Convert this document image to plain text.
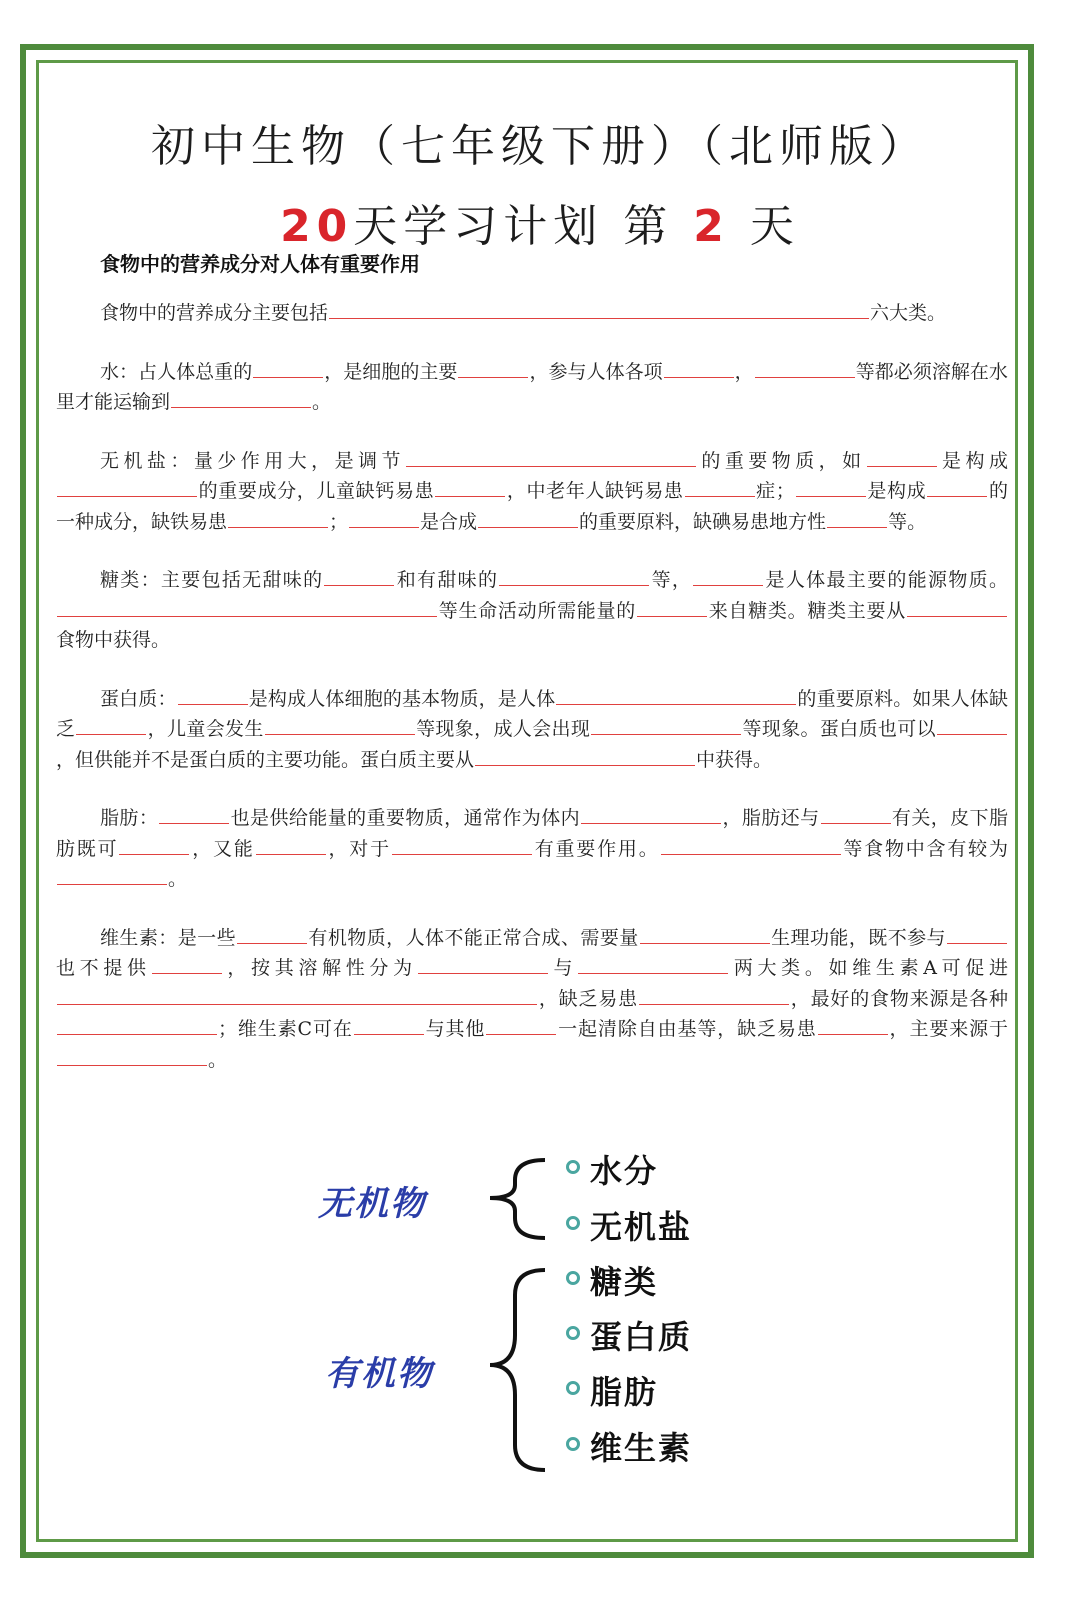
初中生物（七年级下册）（北师版）
20天学习计划 第 2 天
食物中的营养成分对人体有重要作用

食物中的营养成分主要包括	六大类。

水：占人体总重的	，是细胞的主要	，参与人体各项	，	等都必须溶解在水里才能运输到	。

无机盐：量少作用大，是调节	的重要物质，如	是构成的重要成分，儿童缺钙易患	，中老年人缺钙易患	症；	是构成	的一种成分，缺铁易患	；	是合成	的重要原料，缺碘易患地方性	等。

糖类：主要包括无甜味的	和有甜味的	等，	是人体最主要的能源物质。等生命活动所需能量的	来自糖类。糖类主要从食物中获得。

蛋白质：	是构成人体细胞的基本物质，是人体	的重要原料。如果人体缺乏	，儿童会发生	等现象，成人会出现	等现象。蛋白质也可以，但供能并不是蛋白质的主要功能。蛋白质主要从	中获得。

脂肪：	也是供给能量的重要物质，通常作为体内	，脂肪还与	有关，皮下脂肪既可	，又能	，对于	有重要作用。	等食物中含有较为。

维生素：是一些	有机物质，人体不能正常合成、需要量	生理功能，既不参与也不提供	，按其溶解性分为	与	两大类。如维生素A可促进，缺乏易患	，最好的食物来源是各种；维生素C可在	与其他	一起清除自由基等，缺乏易患	，主要来源于。

无机物
有机物
水分
无机盐
糖类
蛋白质
脂肪
维生素
